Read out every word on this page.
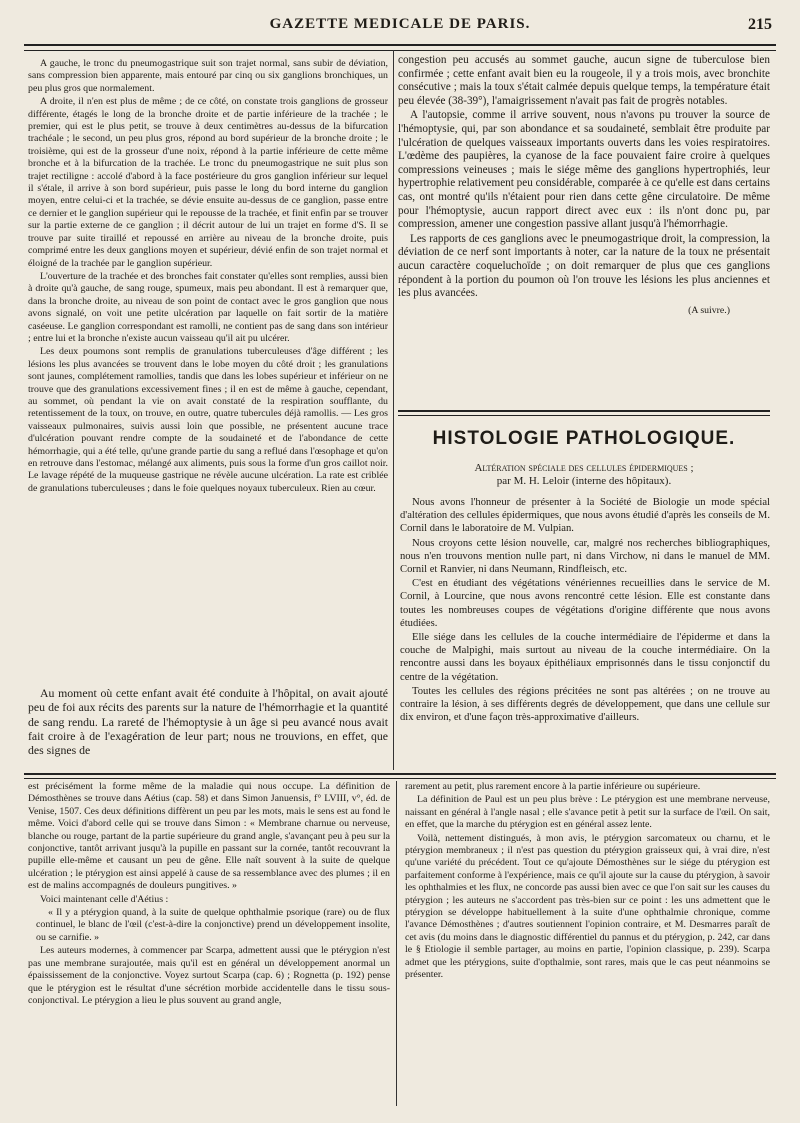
GAZETTE MEDICALE DE PARIS.	215

A gauche, le tronc du pneumogastrique suit son trajet normal, sans subir de déviation, sans compression bien apparente, mais entouré par cinq ou six ganglions bronchiques, un peu plus gros que normalement.

A droite, il n'en est plus de même ; de ce côté, on constate trois ganglions de grosseur différente, étagés le long de la bronche droite et de partie inférieure de la trachée ; le premier, qui est le plus petit, se trouve à deux centimètres au-dessus de la bifurcation trachéale ; le second, un peu plus gros, répond au bord supérieur de la bronche droite ; le troisième, qui est de la grosseur d'une noix, répond à la partie inférieure de cette même bronche et à la bifurcation de la trachée. Le tronc du pneumogastrique ne suit plus son trajet rectiligne : accolé d'abord à la face postérieure du gros ganglion inférieur sur lequel il s'étale, il arrive à son bord supérieur, puis passe le long du bord interne du ganglion moyen, entre celui-ci et la trachée, se dévie ensuite au-dessus de ce ganglion, passe entre ce dernier et le ganglion supérieur qui le repousse de la trachée, et finit enfin par se trouver sur la partie externe de ce ganglion ; il décrit autour de lui un trajet en forme d'S. Il se trouve par suite tiraillé et repoussé en arrière au niveau de la bronche droite, puis comprimé entre les deux ganglions moyen et supérieur, dévié enfin de son trajet normal et éloigné de la trachée par le ganglion supérieur.

L'ouverture de la trachée et des bronches fait constater qu'elles sont remplies, aussi bien à droite qu'à gauche, de sang rouge, spumeux, mais peu abondant. Il est à remarquer que, dans la bronche droite, au niveau de son point de contact avec le gros ganglion que nous avons signalé, on voit une petite ulcération par laquelle on fait sortir de la matière caséeuse. Le ganglion correspondant est ramolli, ne contient pas de sang dans son intérieur ; entre lui et la bronche n'existe aucun vaisseau qu'il ait pu ulcérer.

Les deux poumons sont remplis de granulations tuberculeuses d'âge différent ; les lésions les plus avancées se trouvent dans le lobe moyen du côté droit ; les granulations sont jaunes, complétement ramollies, tandis que dans les lobes supérieur et inférieur on ne trouve que des granulations excessivement fines ; il en est de même à gauche, cependant, au sommet, où pendant la vie on avait constaté de la respiration soufflante, du retentissement de la toux, on trouve, en outre, quatre tubercules déjà ramollis. — Les gros vaisseaux pulmonaires, suivis aussi loin que possible, ne présentent aucune trace d'ulcération pouvant rendre compte de la soudaineté et de l'abondance de cette hémorrhagie, qui a été telle, qu'une grande partie du sang a reflué dans l'œsophage et qu'on en retrouve dans l'estomac, mélangé aux aliments, puis sous la forme d'un gros caillot noir. Le lavage répété de la muqueuse gastrique ne révèle aucune ulcération. La rate est criblée de granulations tuberculeuses ; dans le foie quelques noyaux tuberculeux. Rien au cœur.

Au moment où cette enfant avait été conduite à l'hôpital, on avait ajouté peu de foi aux récits des parents sur la nature de l'hémorrhagie et la quantité de sang rendu. La rareté de l'hémoptysie à un âge si peu avancé nous avait fait croire à de l'exagération de leur part; nous ne trouvions, en effet, que des signes de

congestion peu accusés au sommet gauche, aucun signe de tuberculose bien confirmée ; cette enfant avait bien eu la rougeole, il y a trois mois, avec bronchite consécutive ; mais la toux s'était calmée depuis quelque temps, la température était peu élevée (38-39°), l'amaigrissement n'avait pas fait de progrès notables.

A l'autopsie, comme il arrive souvent, nous n'avons pu trouver la source de l'hémoptysie, qui, par son abondance et sa soudaineté, semblait être produite par l'ulcération de quelques vaisseaux importants ouverts dans les voies respiratoires. L'œdème des paupières, la cyanose de la face pouvaient faire croire à quelques compressions veineuses ; mais le siége même des ganglions hypertrophiés, leur hypertrophie relativement peu considérable, comparée à ce qu'elle est dans certains cas, ont montré qu'ils n'étaient pour rien dans cette gêne circulatoire. De même pour l'hémoptysie, aucun rapport direct avec eux : ils n'ont donc pu, par compression, amener une congestion passive allant jusqu'à l'hémorrhagie.

Les rapports de ces ganglions avec le pneumogastrique droit, la compression, la déviation de ce nerf sont importants à noter, car la nature de la toux ne présentait aucun caractère coqueluchoïde ; on doit remarquer de plus que ces ganglions répondent à la portion du poumon où l'on trouve les lésions les plus anciennes et les plus avancées.

(A suivre.)
HISTOLOGIE PATHOLOGIQUE.
Altération spéciale des cellules épidermiques ;
par M. H. Leloir (interne des hôpitaux).

Nous avons l'honneur de présenter à la Société de Biologie un mode spécial d'altération des cellules épidermiques, que nous avons étudié d'après les conseils de M. Cornil dans le laboratoire de M. Vulpian.

Nous croyons cette lésion nouvelle, car, malgré nos recherches bibliographiques, nous n'en trouvons mention nulle part, ni dans Virchow, ni dans le manuel de MM. Cornil et Ranvier, ni dans Neumann, Rindfleisch, etc.

C'est en étudiant des végétations vénériennes recueillies dans le service de M. Cornil, à Lourcine, que nous avons rencontré cette lésion. Elle est constante dans toutes les nombreuses coupes de végétations d'origine différente que nous avons étudiées.

Elle siége dans les cellules de la couche intermédiaire de l'épiderme et dans la couche de Malpighi, mais surtout au niveau de la couche intermédiaire. On la rencontre aussi dans les boyaux épithéliaux emprisonnés dans le tissu conjonctif du centre de la végétation.

Toutes les cellules des régions précitées ne sont pas altérées ; on ne trouve au contraire la lésion, à ses différents degrés de développement, que dans une cellule sur dix environ, et d'une façon très-approximative d'ailleurs.

est précisément la forme même de la maladie qui nous occupe. La définition de Démosthènes se trouve dans Aétius (cap. 58) et dans Simon Januensis, f° LVIII, v°, éd. de Venise, 1507. Ces deux définitions diffèrent un peu par les mots, mais le sens est au fond le même. Voici d'abord celle qui se trouve dans Simon : « Membrane charnue ou nerveuse, blanche ou rouge, partant de la partie supérieure du grand angle, s'avançant peu à peu sur la conjonctive, tantôt arrivant jusqu'à la pupille en passant sur la cornée, tantôt recouvrant la pupille elle-même et causant un peu de gêne. Elle naît souvent à la suite de quelque ulcération ; le ptérygion est ainsi appelé à cause de sa ressemblance avec des plumes ; il en est de malins accompagnés de douleurs pungitives. »

Voici maintenant celle d'Aétius :

« Il y a ptérygion quand, à la suite de quelque ophthalmie psorique (rare) ou de flux continuel, le blanc de l'œil (c'est-à-dire la conjonctive) prend un développement insolite, ou se carnifie. »

Les auteurs modernes, à commencer par Scarpa, admettent aussi que le ptérygion n'est pas une membrane surajoutée, mais qu'il est en général un développement anormal un épaississement de la conjonctive. Voyez surtout Scarpa (cap. 6) ; Rognetta (p. 192) pense que le ptérygion est le résultat d'une sécrétion morbide accidentelle dans le tissu sous-conjonctival. Le ptérygion a lieu le plus souvent au grand angle,

rarement au petit, plus rarement encore à la partie inférieure ou supérieure.

La définition de Paul est un peu plus brève : Le ptérygion est une membrane nerveuse, naissant en général à l'angle nasal ; elle s'avance petit à petit sur la surface de l'œil. On sait, en effet, que la marche du ptérygion est en général assez lente.

Voilà, nettement distingués, à mon avis, le ptérygion sarcomateux ou charnu, et le ptérygion membraneux ; il n'est pas question du ptérygion graisseux qui, à vrai dire, n'est qu'une variété du précédent. Tout ce qu'ajoute Démosthènes sur le siége du ptérygion est parfaitement conforme à l'expérience, mais ce qu'il ajoute sur la cause du ptérygion, à savoir les ophthalmies et les flux, ne concorde pas aussi bien avec ce que l'on sait sur les causes du ptérygion ; les auteurs ne s'accordent pas très-bien sur ce point : les uns admettent que le ptérygion se développe habituellement à la suite d'une ophthalmie chronique, comme l'avance Démosthènes ; d'autres soutiennent l'opinion contraire, et M. Desmarres paraît de cet avis (du moins dans le diagnostic différentiel du pannus et du ptérygion, p. 242, car dans le § Etiologie il semble partager, au moins en partie, l'opinion classique, p. 239). Scarpa admet que les ptérygions, suite d'opthalmie, sont rares, mais que le cas peut néanmoins se présenter.
